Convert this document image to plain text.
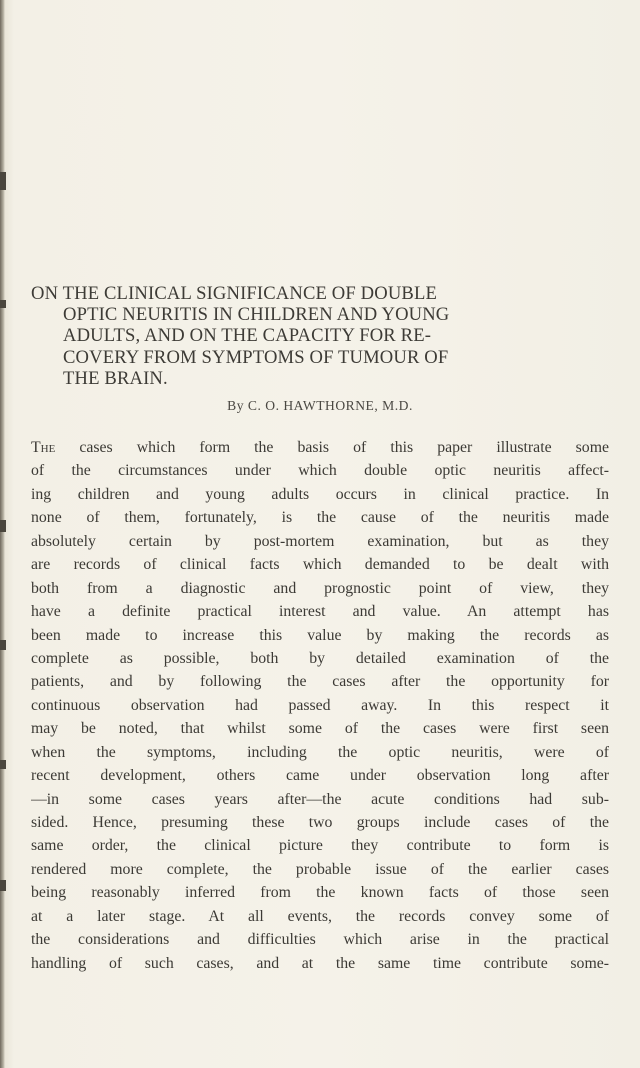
ON THE CLINICAL SIGNIFICANCE OF DOUBLE
OPTIC NEURITIS IN CHILDREN AND YOUNG
ADULTS, AND ON THE CAPACITY FOR RE-
COVERY FROM SYMPTOMS OF TUMOUR OF
THE BRAIN.
By C. O. HAWTHORNE, M.D.
The cases which form the basis of this paper illustrate some
of the circumstances under which double optic neuritis affect-
ing children and young adults occurs in clinical practice. In
none of them, fortunately, is the cause of the neuritis made
absolutely certain by post-mortem examination, but as they
are records of clinical facts which demanded to be dealt with
both from a diagnostic and prognostic point of view, they
have a definite practical interest and value. An attempt has
been made to increase this value by making the records as
complete as possible, both by detailed examination of the
patients, and by following the cases after the opportunity for
continuous observation had passed away. In this respect it
may be noted, that whilst some of the cases were first seen
when the symptoms, including the optic neuritis, were of
recent development, others came under observation long after
—in some cases years after—the acute conditions had sub-
sided. Hence, presuming these two groups include cases of the
same order, the clinical picture they contribute to form is
rendered more complete, the probable issue of the earlier cases
being reasonably inferred from the known facts of those seen
at a later stage. At all events, the records convey some of
the considerations and difficulties which arise in the practical
handling of such cases, and at the same time contribute some-
